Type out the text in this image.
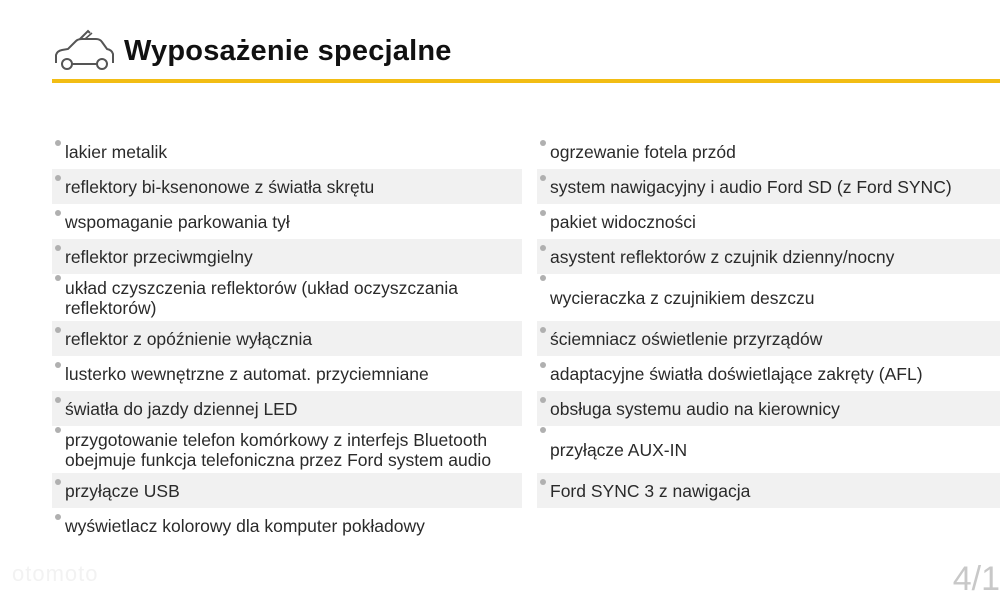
Wyposażenie specjalne
lakier metalik
reflektory bi-ksenonowe z światła skrętu
wspomaganie parkowania tył
reflektor przeciwmgielny
układ czyszczenia reflektorów (układ oczyszczania reflektorów)
reflektor z opóźnienie wyłącznia
lusterko wewnętrzne z automat. przyciemniane
światła do jazdy dziennej LED
przygotowanie telefon komórkowy z interfejs Bluetooth obejmuje funkcja telefoniczna przez Ford system audio
przyłącze USB
wyświetlacz kolorowy dla komputer pokładowy
ogrzewanie fotela przód
system nawigacyjny i audio Ford SD (z Ford SYNC)
pakiet widoczności
asystent reflektorów z czujnik dzienny/nocny
wycieraczka z czujnikiem deszczu
ściemniacz oświetlenie przyrządów
adaptacyjne światła doświetlające zakręty (AFL)
obsługa systemu audio na kierownicy
przyłącze AUX-IN
Ford SYNC 3 z nawigacja
otomoto	4/1
